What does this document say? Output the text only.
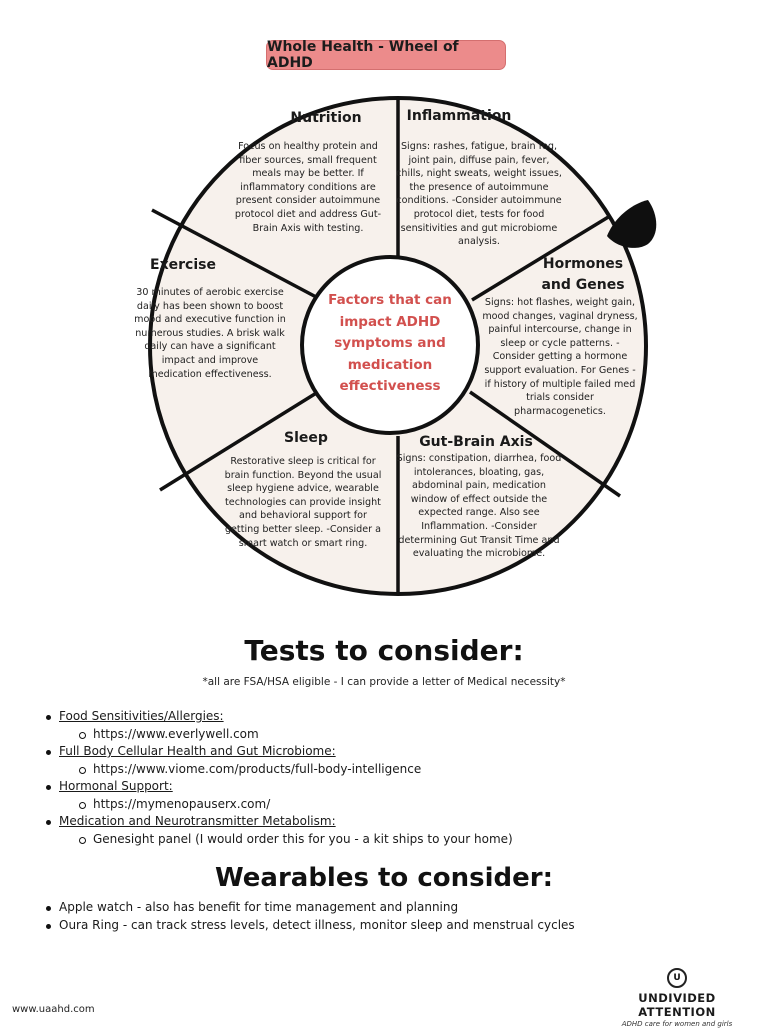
Whole Health - Wheel of ADHD
Nutrition
Focus on healthy protein and fiber sources, small frequent meals may be better. If inflammatory conditions are present consider autoimmune protocol diet and address Gut-Brain Axis with testing.
Inflammation
Signs: rashes, fatigue, brain fog, joint pain, diffuse pain, fever, chills, night sweats, weight issues, the presence of autoimmune conditions. -Consider autoimmune protocol diet, tests for food sensitivities and gut microbiome analysis.
Hormones and Genes
Signs: hot flashes, weight gain, mood changes, vaginal dryness, painful intercourse, change in sleep or cycle patterns. - Consider getting a hormone support evaluation. For Genes - if history of multiple failed med trials consider pharmacogenetics.
Gut-Brain Axis
Signs: constipation, diarrhea, food intolerances, bloating, gas, abdominal pain, medication window of effect outside the expected range. Also see Inflammation. -Consider determining Gut Transit Time and evaluating the microbiome.
Sleep
Restorative sleep is critical for brain function. Beyond the usual sleep hygiene advice, wearable technologies can provide insight and behavioral support for getting better sleep. -Consider a smart watch or smart ring.
Exercise
30 minutes of aerobic exercise daily has been shown to boost mood and executive function in numerous studies. A brisk walk daily can have a significant impact and improve medication effectiveness.
Factors that can impact ADHD symptoms and medication effectiveness
Tests to consider:
*all are FSA/HSA eligible - I can provide a letter of Medical necessity*
Food Sensitivities/Allergies:
https://www.everlywell.com
Full Body Cellular Health and Gut Microbiome:
https://www.viome.com/products/full-body-intelligence
Hormonal Support:
https://mymenopauserx.com/
Medication and Neurotransmitter Metabolism:
Genesight panel (I would order this for you - a kit ships to your home)
Wearables to consider:
Apple watch - also has benefit for time management and planning
Oura Ring - can track stress levels, detect illness, monitor sleep and menstrual cycles
www.uaahd.com
U
UNDIVIDED ATTENTION
ADHD care for women and girls
